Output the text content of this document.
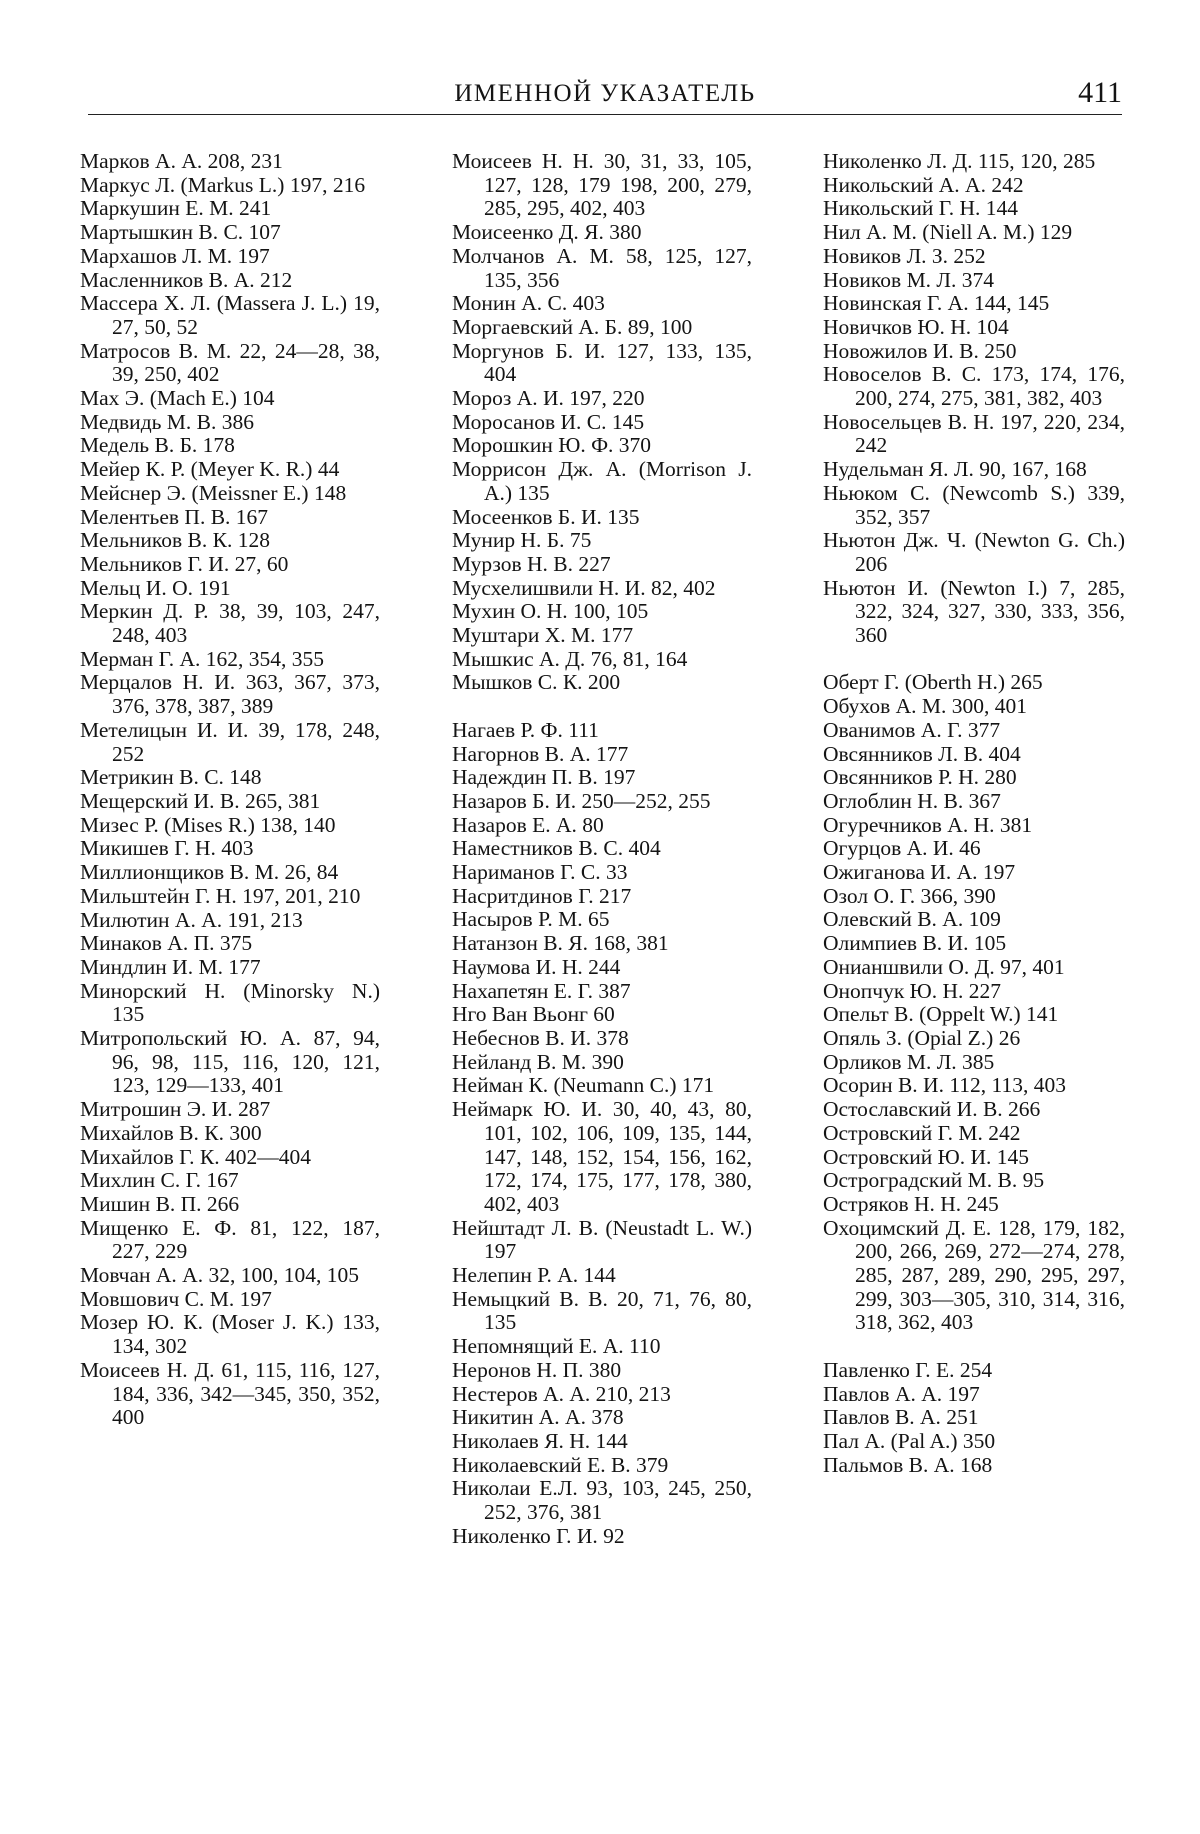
ИМЕННОЙ УКАЗАТЕЛЬ	411
Марков А. А. 208, 231
Маркус Л. (Markus L.) 197, 216
Маркушин Е. М. 241
Мартышкин В. С. 107
Мархашов Л. М. 197
Масленников В. А. 212
Массера Х. Л. (Massera J. L.) 19, 27, 50, 52
Матросов В. М. 22, 24—28, 38, 39, 250, 402
Мах Э. (Mach E.) 104
Медвидь М. В. 386
Медель В. Б. 178
Мейер К. Р. (Meyer K. R.) 44
Мейснер Э. (Meissner E.) 148
Мелентьев П. В. 167
Мельников В. К. 128
Мельников Г. И. 27, 60
Мельц И. О. 191
Меркин Д. Р. 38, 39, 103, 247, 248, 403
Мерман Г. А. 162, 354, 355
Мерцалов Н. И. 363, 367, 373, 376, 378, 387, 389
Метелицын И. И. 39, 178, 248, 252
Метрикин В. С. 148
Мещерский И. В. 265, 381
Мизес Р. (Mises R.) 138, 140
Микишев Г. Н. 403
Миллионщиков В. М. 26, 84
Мильштейн Г. Н. 197, 201, 210
Милютин А. А. 191, 213
Минаков А. П. 375
Миндлин И. М. 177
Минорский Н. (Minorsky N.) 135
Митропольский Ю. А. 87, 94, 96, 98, 115, 116, 120, 121, 123, 129—133, 401
Митрошин Э. И. 287
Михайлов В. К. 300
Михайлов Г. К. 402—404
Михлин С. Г. 167
Мишин В. П. 266
Мищенко Е. Ф. 81, 122, 187, 227, 229
Мовчан А. А. 32, 100, 104, 105
Мовшович С. М. 197
Мозер Ю. К. (Moser J. K.) 133, 134, 302
Моисеев Н. Д. 61, 115, 116, 127, 184, 336, 342—345, 350, 352, 400
Моисеев Н. Н. 30, 31, 33, 105, 127, 128, 179 198, 200, 279, 285, 295, 402, 403
Моисеенко Д. Я. 380
Молчанов А. М. 58, 125, 127, 135, 356
Монин А. С. 403
Моргаевский А. Б. 89, 100
Моргунов Б. И. 127, 133, 135, 404
Мороз А. И. 197, 220
Моросанов И. С. 145
Морошкин Ю. Ф. 370
Моррисон Дж. А. (Morrison J. A.) 135
Мосеенков Б. И. 135
Мунир Н. Б. 75
Мурзов Н. В. 227
Мусхелишвили Н. И. 82, 402
Мухин О. Н. 100, 105
Муштари Х. М. 177
Мышкис А. Д. 76, 81, 164
Мышков С. К. 200
Нагаев Р. Ф. 111
Нагорнов В. А. 177
Надеждин П. В. 197
Назаров Б. И. 250—252, 255
Назаров Е. А. 80
Наместников В. С. 404
Нариманов Г. С. 33
Насритдинов Г. 217
Насыров Р. М. 65
Натанзон В. Я. 168, 381
Наумова И. Н. 244
Нахапетян Е. Г. 387
Нго Ван Вьонг 60
Небеснов В. И. 378
Нейланд В. М. 390
Нейман К. (Neumann C.) 171
Неймарк Ю. И. 30, 40, 43, 80, 101, 102, 106, 109, 135, 144, 147, 148, 152, 154, 156, 162, 172, 174, 175, 177, 178, 380, 402, 403
Нейштадт Л. В. (Neustadt L. W.) 197
Нелепин Р. А. 144
Немыцкий В. В. 20, 71, 76, 80, 135
Непомнящий Е. А. 110
Неронов Н. П. 380
Нестеров А. А. 210, 213
Никитин А. А. 378
Николаев Я. Н. 144
Николаевский Е. В. 379
Николаи Е.Л. 93, 103, 245, 250, 252, 376, 381
Николенко Г. И. 92
Николенко Л. Д. 115, 120, 285
Никольский А. А. 242
Никольский Г. Н. 144
Нил А. М. (Niell A. M.) 129
Новиков Л. З. 252
Новиков М. Л. 374
Новинская Г. А. 144, 145
Новичков Ю. Н. 104
Новожилов И. В. 250
Новоселов В. С. 173, 174, 176, 200, 274, 275, 381, 382, 403
Новосельцев В. Н. 197, 220, 234, 242
Нудельман Я. Л. 90, 167, 168
Ньюком С. (Newcomb S.) 339, 352, 357
Ньютон Дж. Ч. (Newton G. Ch.) 206
Ньютон И. (Newton I.) 7, 285, 322, 324, 327, 330, 333, 356, 360
Оберт Г. (Oberth H.) 265
Обухов А. М. 300, 401
Ованимов А. Г. 377
Овсянников Л. В. 404
Овсянников Р. Н. 280
Оглоблин Н. В. 367
Огуречников А. Н. 381
Огурцов А. И. 46
Ожиганова И. А. 197
Озол О. Г. 366, 390
Олевский В. А. 109
Олимпиев В. И. 105
Онианшвили О. Д. 97, 401
Онопчук Ю. Н. 227
Опельт В. (Oppelt W.) 141
Опяль З. (Opial Z.) 26
Орликов М. Л. 385
Осорин В. И. 112, 113, 403
Остославский И. В. 266
Островский Г. М. 242
Островский Ю. И. 145
Остроградский М. В. 95
Остряков Н. Н. 245
Охоцимский Д. Е. 128, 179, 182, 200, 266, 269, 272—274, 278, 285, 287, 289, 290, 295, 297, 299, 303—305, 310, 314, 316, 318, 362, 403
Павленко Г. Е. 254
Павлов А. А. 197
Павлов В. А. 251
Пал А. (Pal A.) 350
Пальмов В. А. 168
